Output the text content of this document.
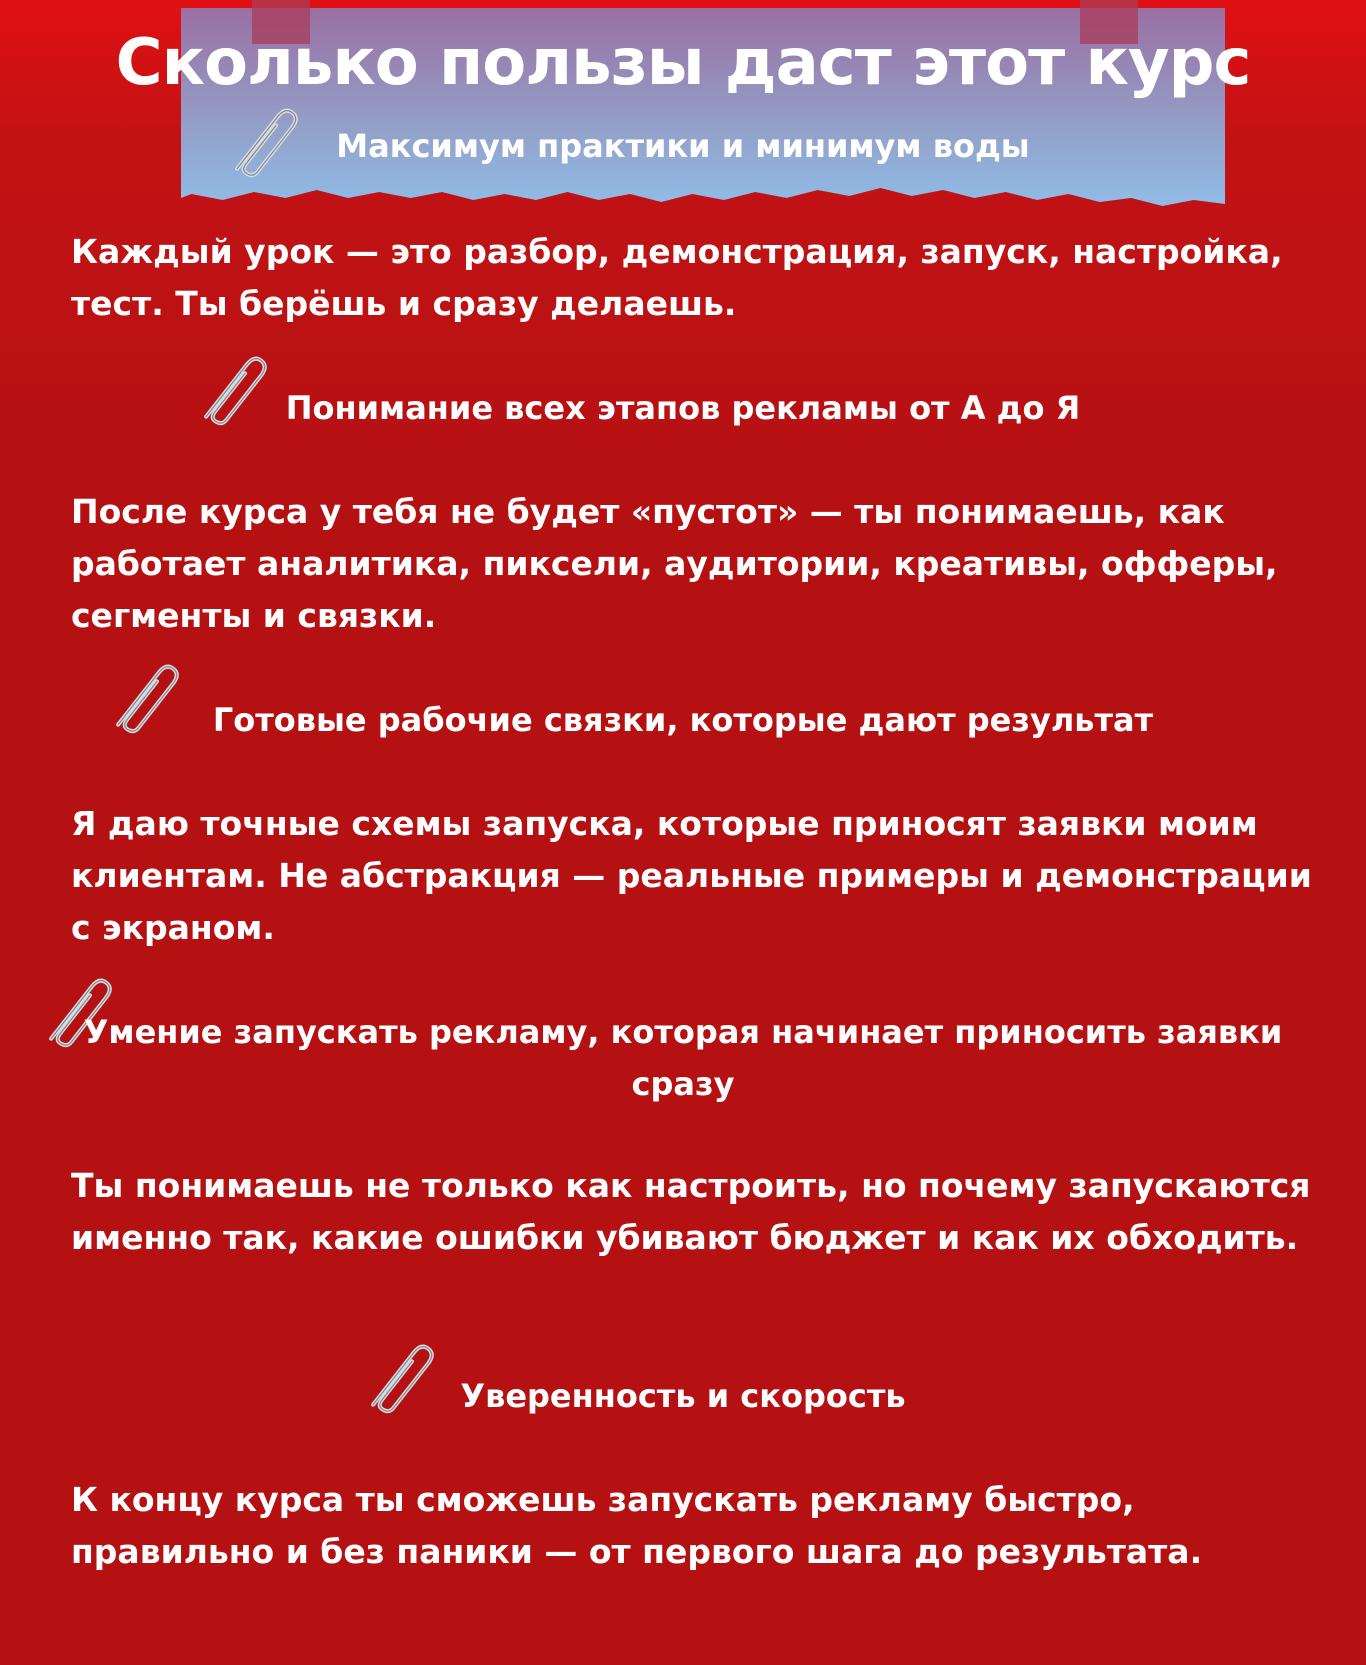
Сколько пользы даст этот курс
Максимум практики и минимум воды

Каждый урок — это разбор, демонстрация, запуск, настройка, тест. Ты берёшь и сразу делаешь.

Понимание всех этапов рекламы от А до Я

После курса у тебя не будет «пустот» — ты понимаешь, как работает аналитика, пиксели, аудитории, креативы, офферы, сегменты и связки.

Готовые рабочие связки, которые дают результат

Я даю точные схемы запуска, которые приносят заявки моим клиентам. Не абстракция — реальные примеры и демонстрации с экраном.

Умение запускать рекламу, которая начинает приносить заявки сразу

Ты понимаешь не только как настроить, но почему запускаются именно так, какие ошибки убивают бюджет и как их обходить.

Уверенность и скорость

К концу курса ты сможешь запускать рекламу быстро, правильно и без паники — от первого шага до результата.
